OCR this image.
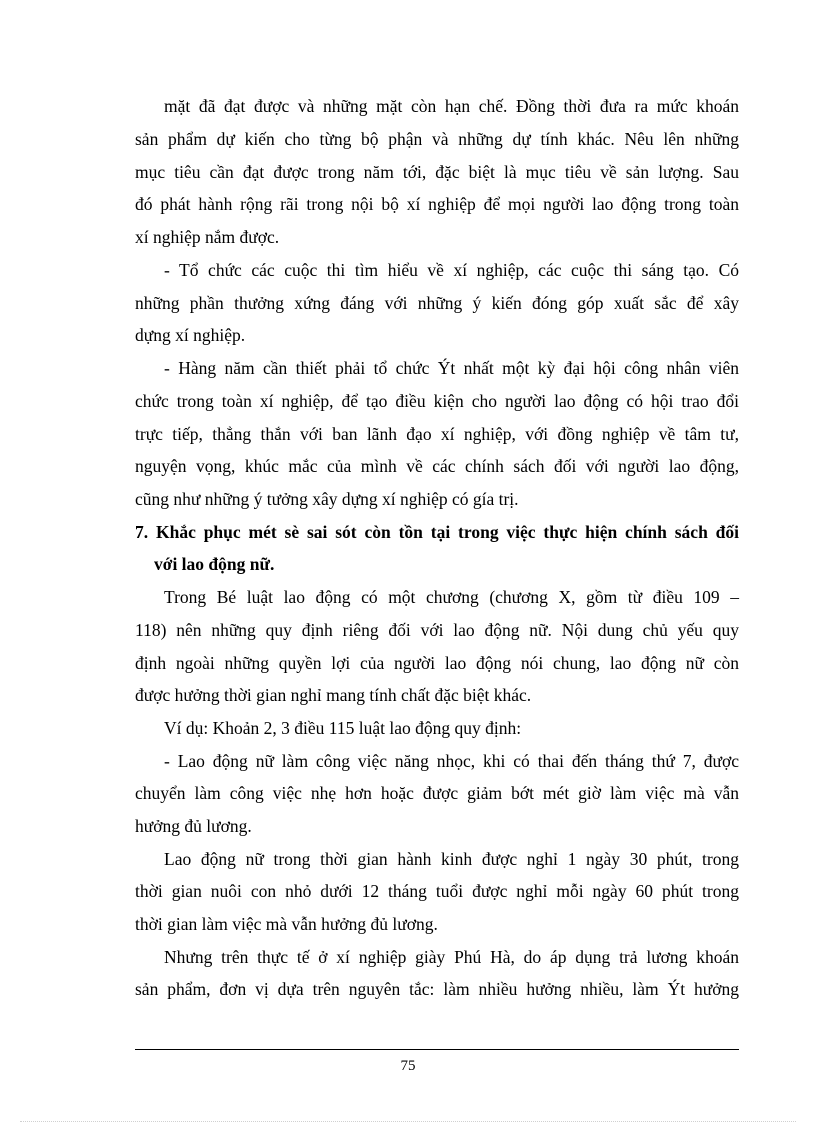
mặt đã đạt được và những mặt còn hạn chế. Đồng thời đưa ra mức khoán
sản phẩm dự kiến cho từng bộ phận và những dự tính khác. Nêu lên những
mục tiêu cần đạt được trong năm tới, đặc biệt là mục tiêu về sản lượng. Sau
đó phát hành rộng rãi trong nội bộ xí nghiệp để mọi người lao động trong toàn
xí nghiệp nắm được.
- Tổ chức các cuộc thi tìm hiểu về xí nghiệp, các cuộc thi sáng tạo. Có
những phần thưởng xứng đáng với những ý kiến đóng góp xuất sắc để xây
dựng xí nghiệp.
- Hàng năm cần thiết phải tổ chức Ýt nhất một kỳ đại hội công nhân viên
chức trong toàn xí nghiệp, để tạo điều kiện cho người lao động có hội trao đổi
trực tiếp, thẳng thắn với ban lãnh đạo xí nghiệp, với đồng nghiệp về tâm tư,
nguyện vọng, khúc mắc của mình về các chính sách đối với người lao động,
cũng như những ý tưởng xây dựng xí nghiệp có gía trị.
7. Khắc phục mét sè sai sót còn tồn tại trong việc thực hiện chính sách đối
với lao động nữ.
Trong Bé luật lao động có một chương (chương X, gồm từ điều 109 –
118) nên những quy định riêng đối với lao động nữ. Nội dung chủ yếu quy
định ngoài những quyền lợi của người lao động nói chung, lao động nữ còn
được hưởng thời gian nghỉ mang tính chất đặc biệt khác.
Ví dụ: Khoản 2, 3 điều 115 luật lao động quy định:
- Lao động nữ làm công việc năng nhọc, khi có thai đến tháng thứ 7, được
chuyển làm công việc nhẹ hơn hoặc được giảm bớt mét giờ làm việc mà vẫn
hưởng đủ lương.
Lao động nữ trong thời gian hành kinh được nghỉ 1 ngày 30 phút, trong
thời gian nuôi con nhỏ dưới 12 tháng tuổi được nghỉ mỗi ngày 60 phút trong
thời gian làm việc mà vẫn hưởng đủ lương.
Nhưng trên thực tế ở xí nghiệp giày Phú Hà, do áp dụng trả lương khoán
sản phẩm, đơn vị dựa trên nguyên tắc: làm nhiều hưởng nhiều, làm Ýt hưởng
75
